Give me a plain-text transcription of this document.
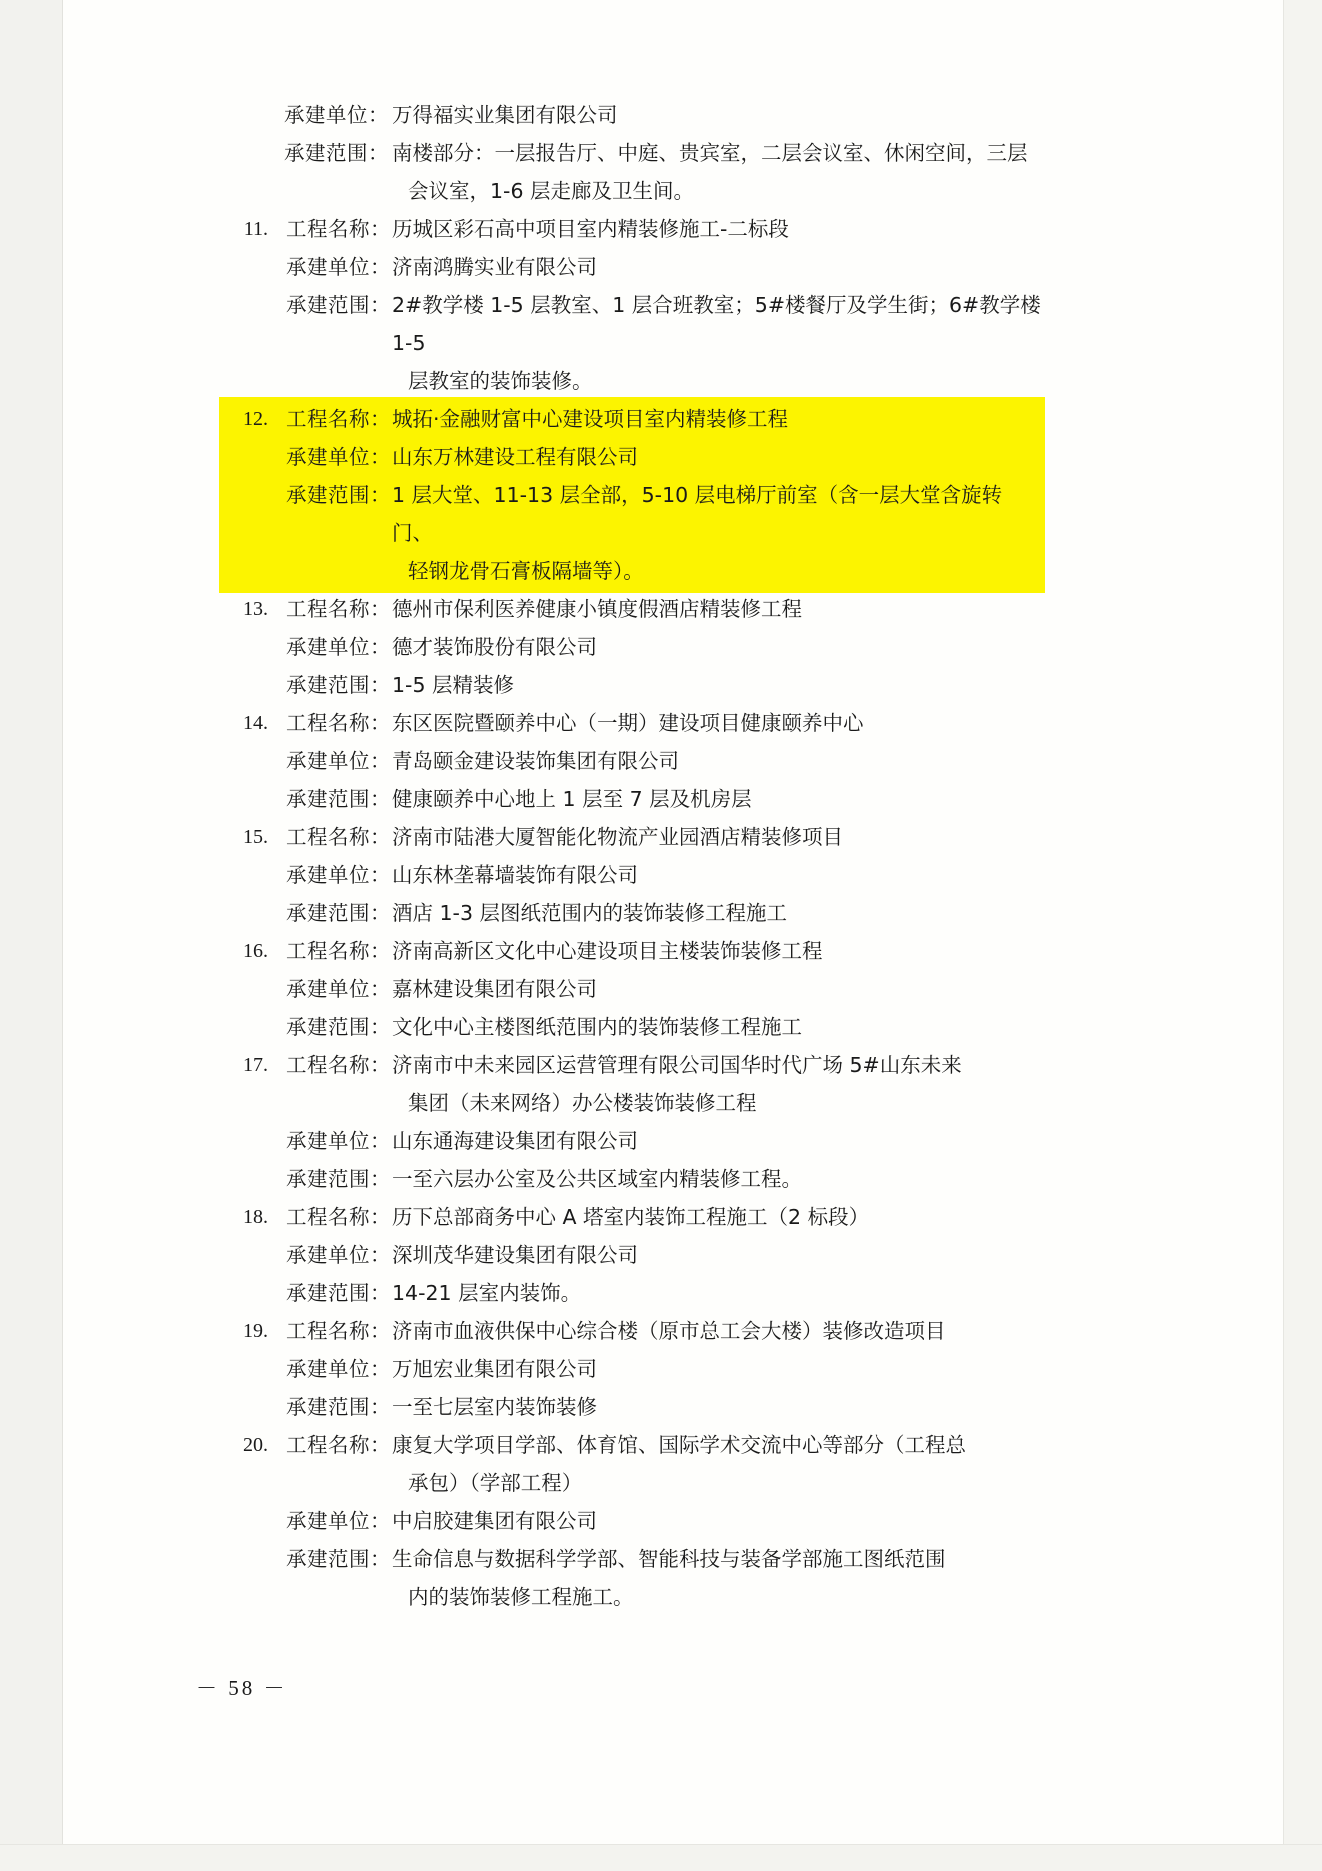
承建单位： 万得福实业集团有限公司
承建范围： 南楼部分：一层报告厅、中庭、贵宾室，二层会议室、休闲空间，三层
会议室，1-6 层走廊及卫生间。
11. 工程名称： 历城区彩石高中项目室内精装修施工-二标段
承建单位： 济南鸿腾实业有限公司
承建范围： 2#教学楼 1-5 层教室、1 层合班教室；5#楼餐厅及学生街；6#教学楼 1-5
层教室的装饰装修。
12. 工程名称： 城拓·金融财富中心建设项目室内精装修工程
承建单位： 山东万林建设工程有限公司
承建范围： 1 层大堂、11-13 层全部，5-10 层电梯厅前室（含一层大堂含旋转门、
轻钢龙骨石膏板隔墙等）。
13. 工程名称： 德州市保利医养健康小镇度假酒店精装修工程
承建单位： 德才装饰股份有限公司
承建范围： 1-5 层精装修
14. 工程名称： 东区医院暨颐养中心（一期）建设项目健康颐养中心
承建单位： 青岛颐金建设装饰集团有限公司
承建范围： 健康颐养中心地上 1 层至 7 层及机房层
15. 工程名称： 济南市陆港大厦智能化物流产业园酒店精装修项目
承建单位： 山东林垄幕墙装饰有限公司
承建范围： 酒店 1-3 层图纸范围内的装饰装修工程施工
16. 工程名称： 济南高新区文化中心建设项目主楼装饰装修工程
承建单位： 嘉林建设集团有限公司
承建范围： 文化中心主楼图纸范围内的装饰装修工程施工
17. 工程名称： 济南市中未来园区运营管理有限公司国华时代广场 5#山东未来
集团（未来网络）办公楼装饰装修工程
承建单位： 山东通海建设集团有限公司
承建范围： 一至六层办公室及公共区域室内精装修工程。
18. 工程名称： 历下总部商务中心 A 塔室内装饰工程施工（2 标段）
承建单位： 深圳茂华建设集团有限公司
承建范围： 14-21 层室内装饰。
19. 工程名称： 济南市血液供保中心综合楼（原市总工会大楼）装修改造项目
承建单位： 万旭宏业集团有限公司
承建范围： 一至七层室内装饰装修
20. 工程名称： 康复大学项目学部、体育馆、国际学术交流中心等部分（工程总
承包）（学部工程）
承建单位： 中启胶建集团有限公司
承建范围： 生命信息与数据科学学部、智能科技与装备学部施工图纸范围
内的装饰装修工程施工。
－ 58 －
